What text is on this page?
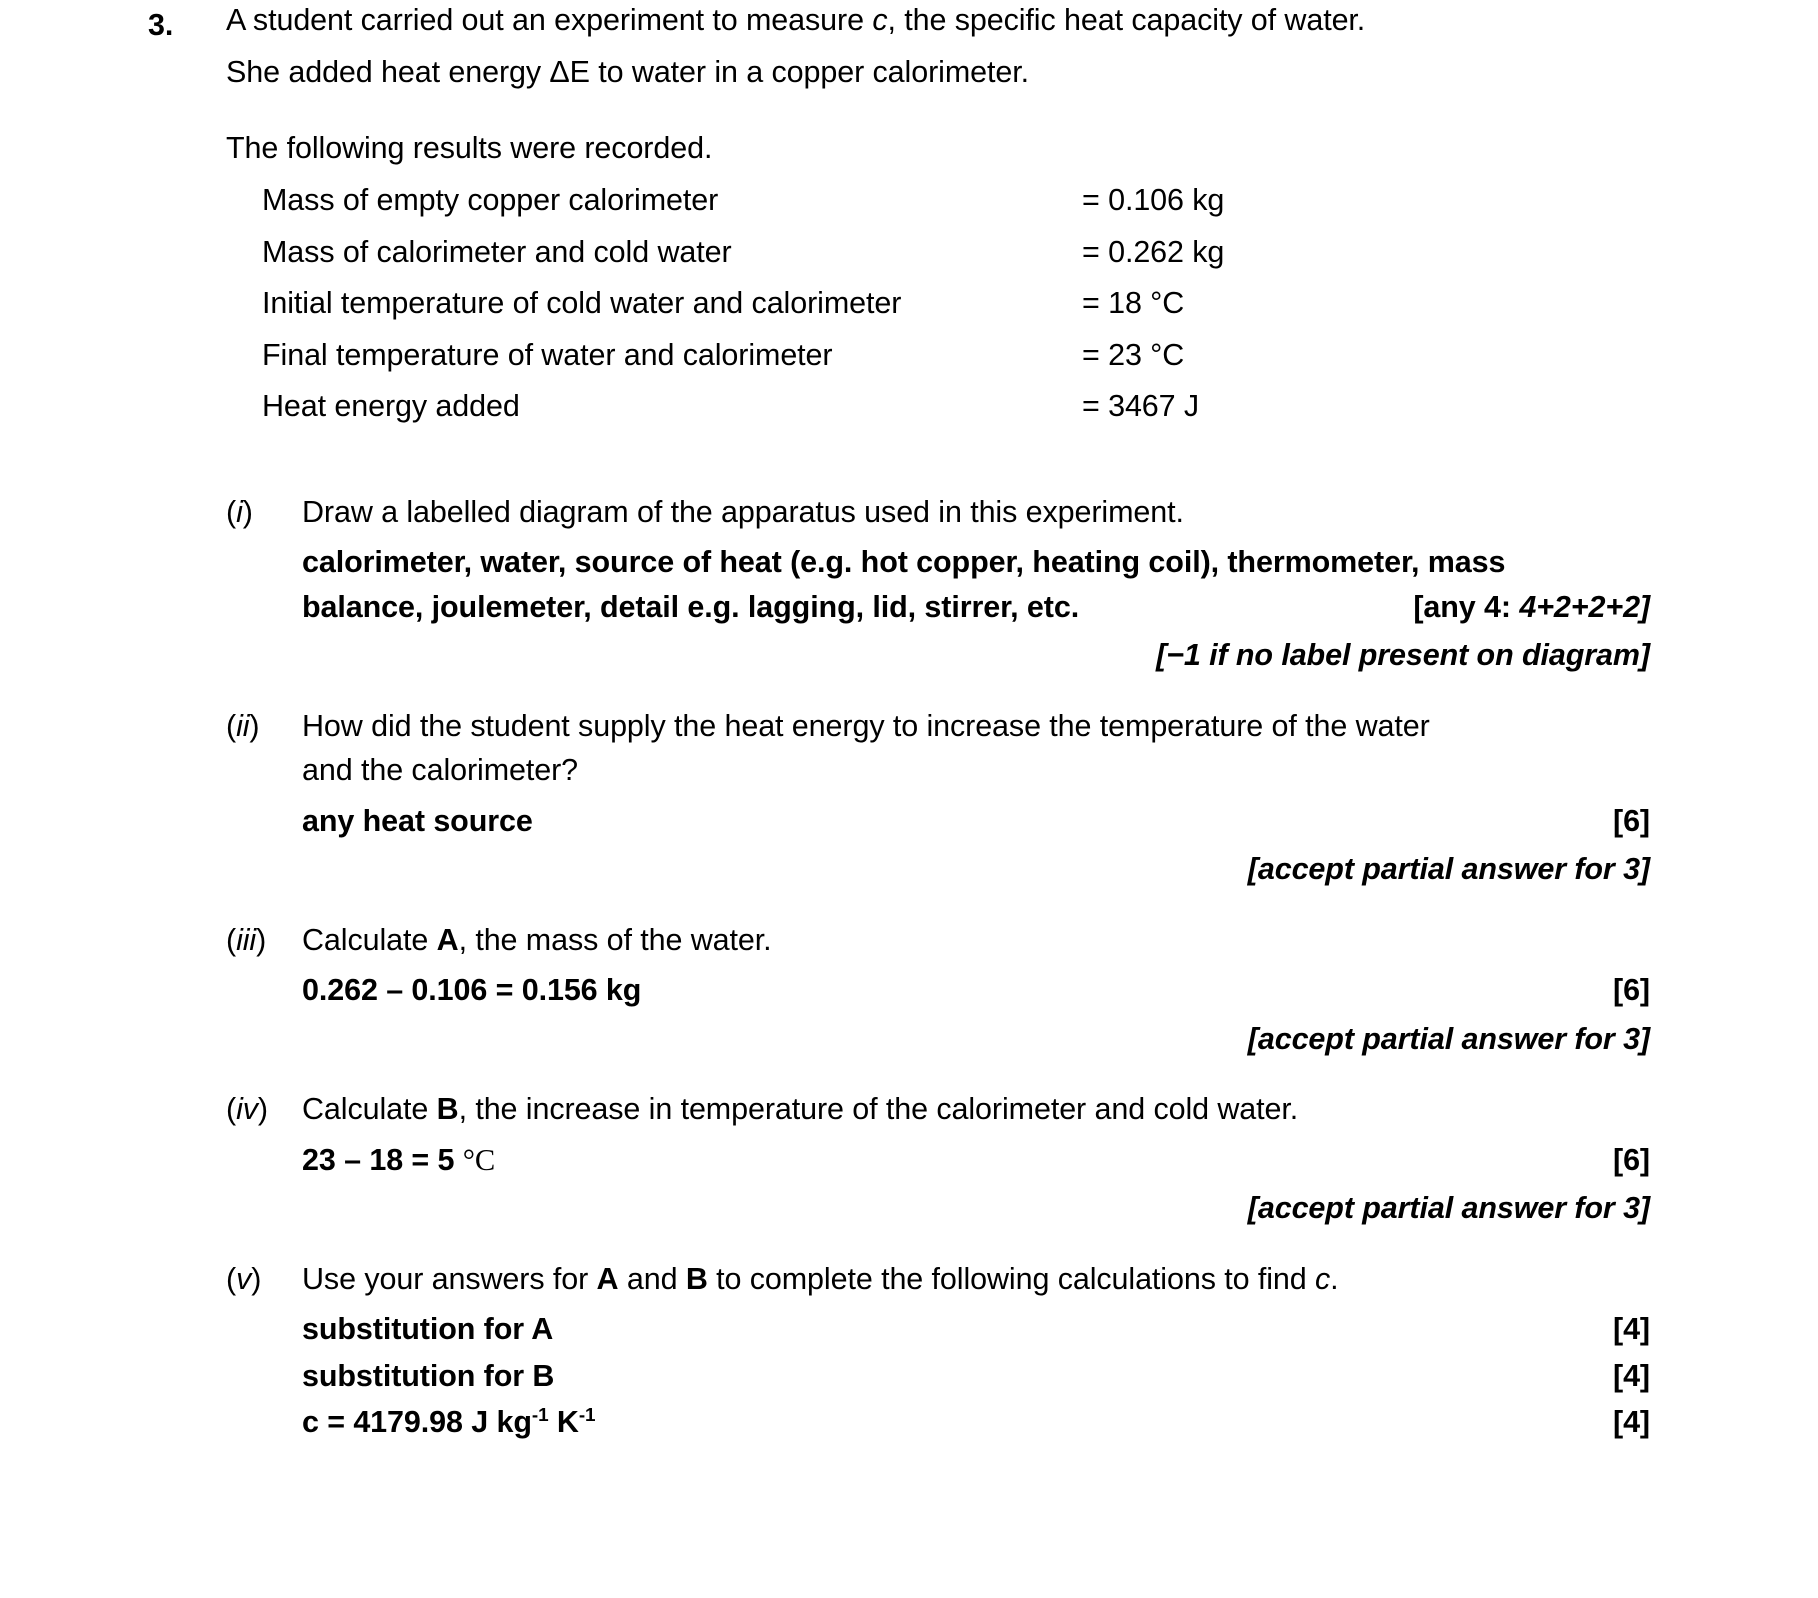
3. A student carried out an experiment to measure c, the specific heat capacity of water.
She added heat energy ΔE to water in a copper calorimeter.
The following results were recorded.
Mass of empty copper calorimeter	= 0.106 kg
Mass of calorimeter and cold water	= 0.262 kg
Initial temperature of cold water and calorimeter	= 18 °C
Final temperature of water and calorimeter	= 23 °C
Heat energy added	= 3467 J
(i)	Draw a labelled diagram of the apparatus used in this experiment.
calorimeter, water, source of heat (e.g. hot copper, heating coil), thermometer, mass
balance, joulemeter, detail e.g. lagging, lid, stirrer, etc.	[any 4: 4+2+2+2]
[−1 if no label present on diagram]
(ii)	How did the student supply the heat energy to increase the temperature of the water
and the calorimeter?
any heat source	[6]
[accept partial answer for 3]
(iii)	Calculate A, the mass of the water.
0.262 – 0.106 = 0.156 kg	[6]
[accept partial answer for 3]
(iv)	Calculate B, the increase in temperature of the calorimeter and cold water.
23 – 18 = 5 °C	[6]
[accept partial answer for 3]
(v)	Use your answers for A and B to complete the following calculations to find c.
substitution for A	[4]
substitution for B	[4]
c = 4179.98 J $kg^{-1}$ $K^{-1}$	[4]
